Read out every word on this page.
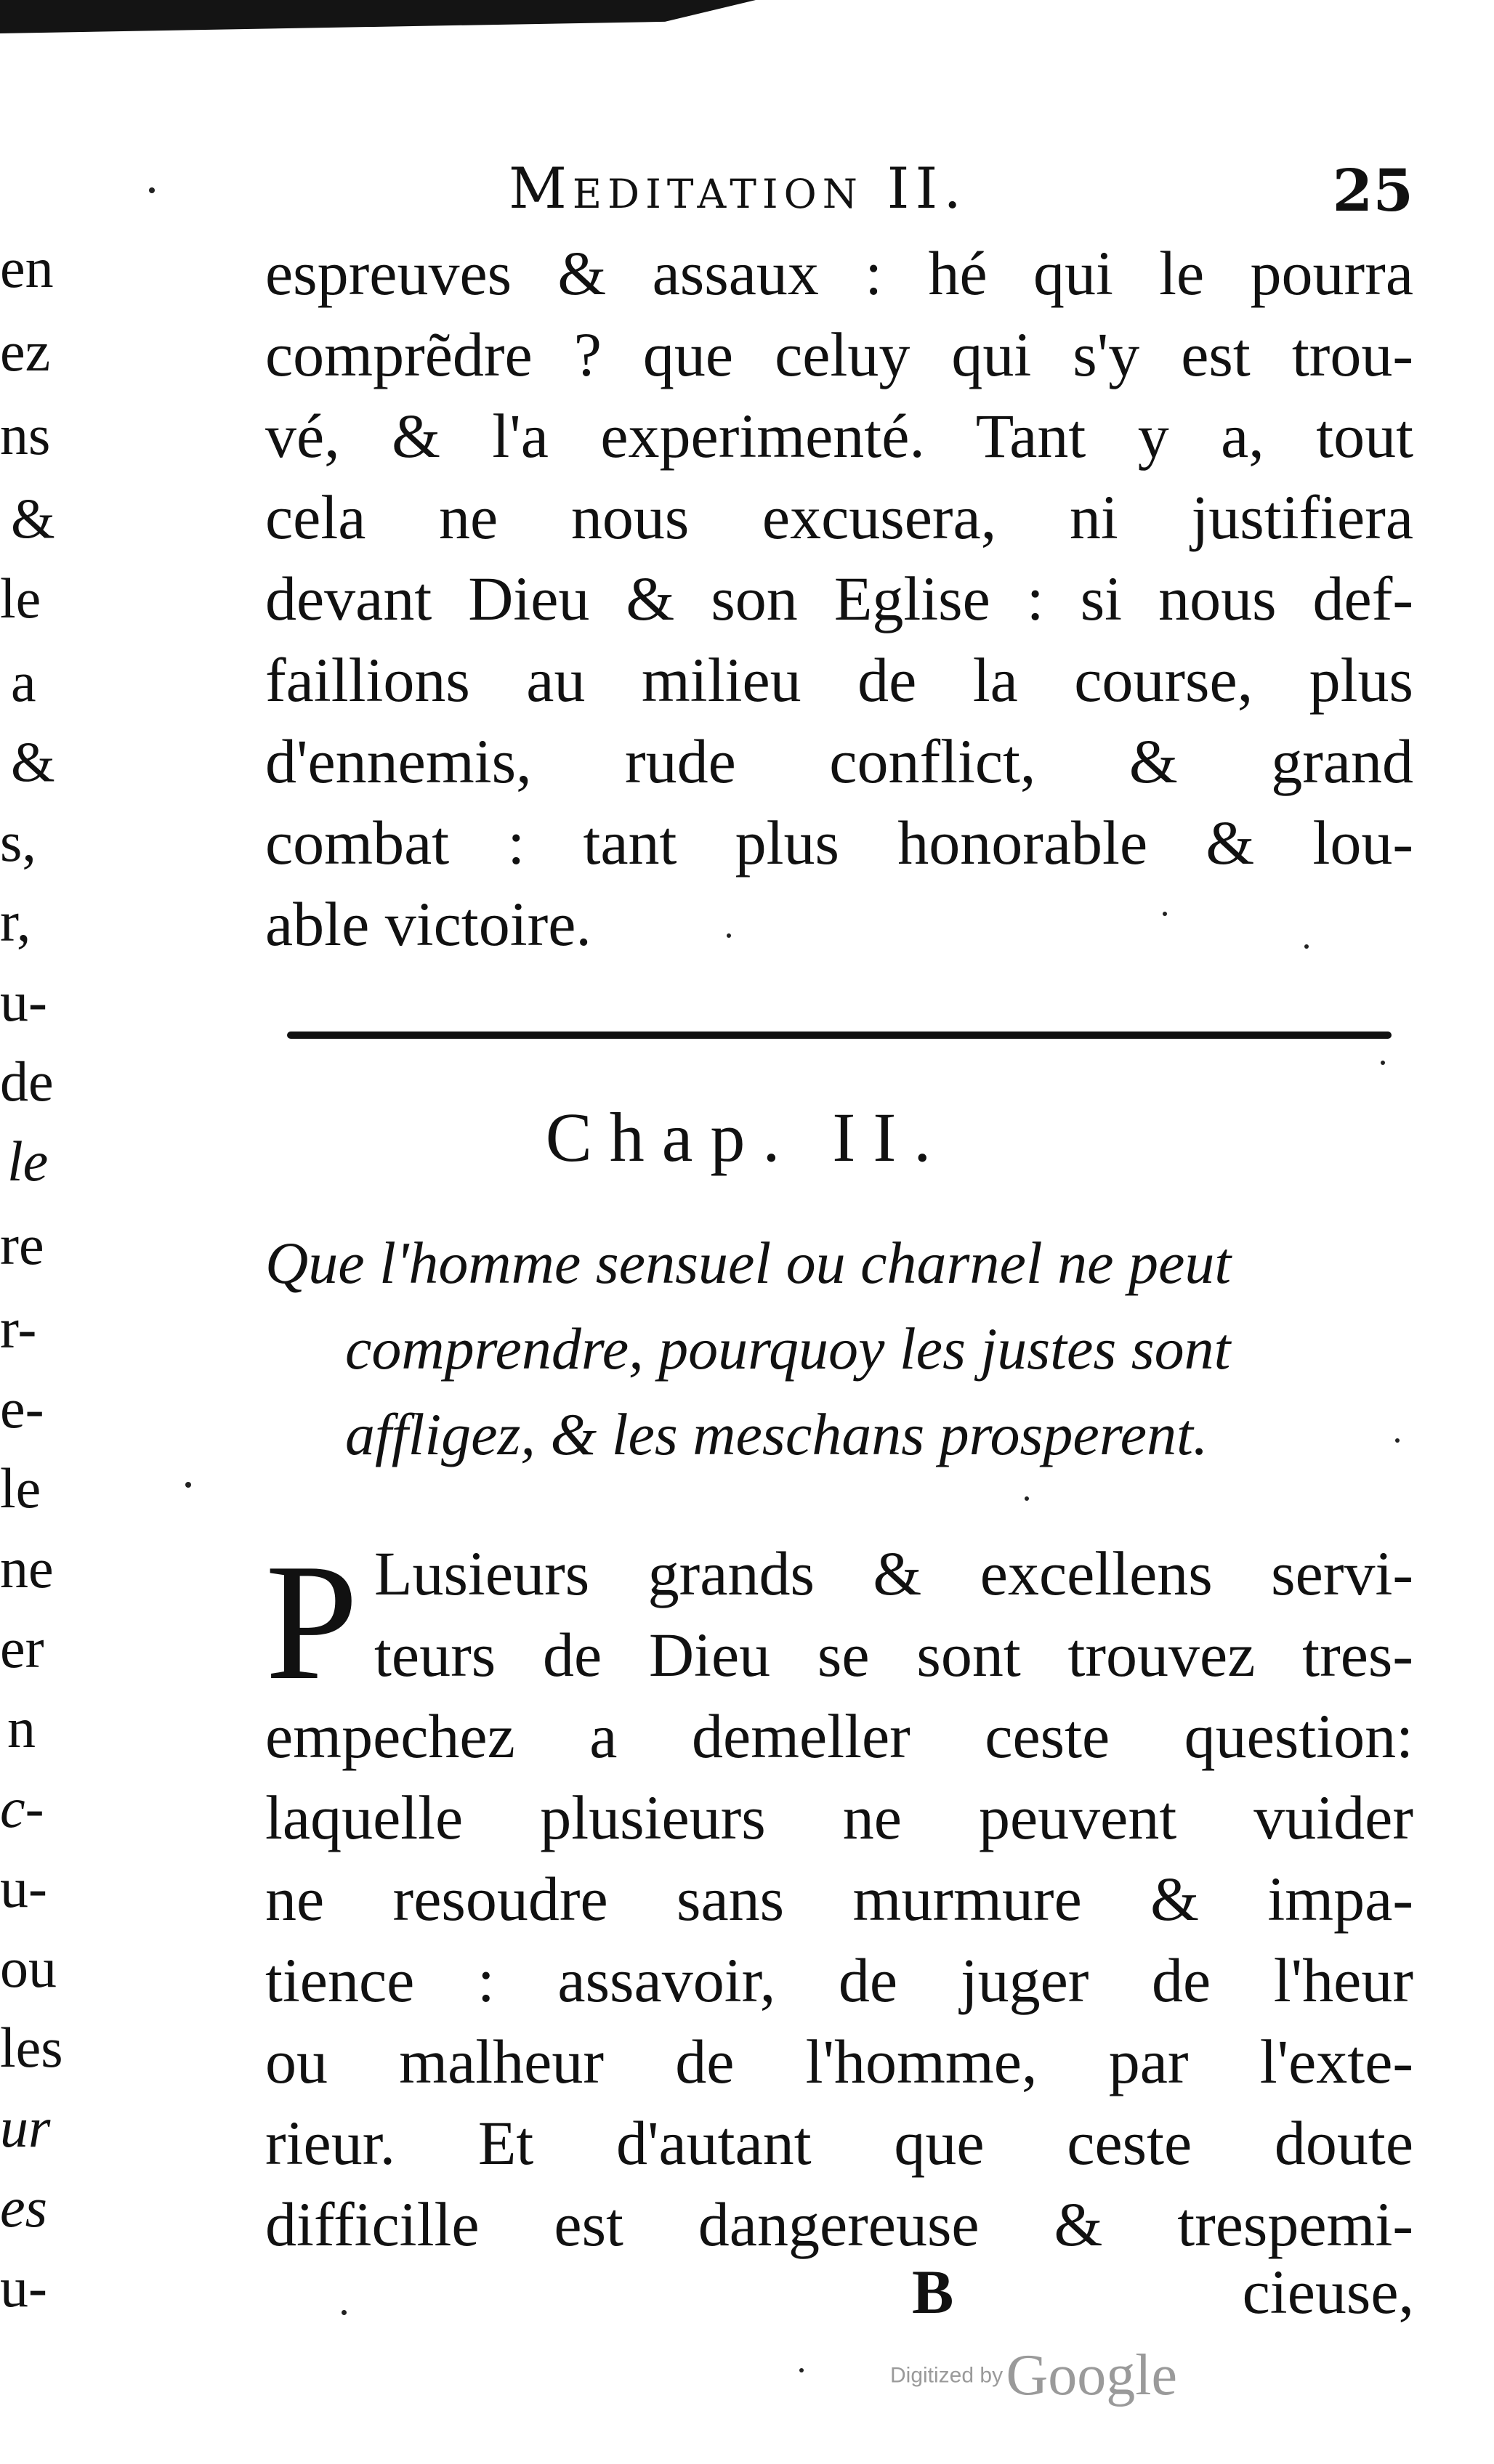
en
ez
ns
&
le
a
&
s,
r,
u-
de
le
re
r-
e-
le
ne
er
n
c-
u-
ou
les
ur
es
u-
Meditation II.	25
espreuves & assaux : hé qui le pourra
comprẽdre ? que celuy qui s'y est trou-
vé, & l'a experimenté. Tant y a, tout
cela ne nous excusera, ni justifiera
devant Dieu & son Eglise : si nous def-
faillions au milieu de la course, plus
d'ennemis, rude conflict, & grand
combat : tant plus honorable & lou-
able victoire.
Chap. II.
Que l'homme sensuel ou charnel ne peut
comprendre, pourquoy les justes sont
affligez, & les meschans prosperent.
P Lusieurs grands & excellens servi-
teurs de Dieu se sont trouvez tres-
empechez a demeller ceste question:
laquelle plusieurs ne peuvent vuider
ne resoudre sans murmure & impa-
tience : assavoir, de juger de l'heur
ou malheur de l'homme, par l'exte-
rieur. Et d'autant que ceste doute
difficille est dangereuse & trespemi-
B	cieuse,
Digitized by Google
